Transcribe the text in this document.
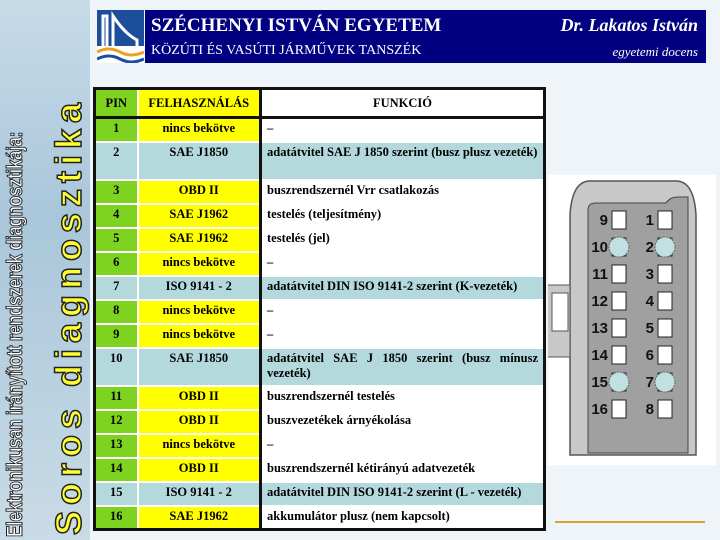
Elektronikusan irányított rendszerek diagnosztikája: Soros diagnosztika
SZÉCHENYI ISTVÁN EGYETEM
KÖZÚTI ÉS VASÚTI JÁRMŰVEK TANSZÉK
Dr. Lakatos István
egyetemi docens
PIN	FELHASZNÁLÁS	FUNKCIÓ
1	nincs bekötve	–
2	SAE J1850	adatátvitel SAE J 1850 szerint (busz plusz vezeték)
3	OBD II	buszrendszernél Vrr csatlakozás
4	SAE J1962	testelés (teljesítmény)
5	SAE J1962	testelés (jel)
6	nincs bekötve	–
7	ISO 9141 - 2	adatátvitel DIN ISO 9141-2 szerint (K-vezeték)
8	nincs bekötve	–
9	nincs bekötve	–
10	SAE J1850	adatátvitel SAE J 1850 szerint (busz mínusz vezeték)
11	OBD II	buszrendszernél testelés
12	OBD II	buszvezetékek árnyékolása
13	nincs bekötve	–
14	OBD II	buszrendszernél kétirányú adatvezeték
15	ISO 9141 - 2	adatátvitel DIN ISO 9141-2 szerint (L - vezeték)
16	SAE J1962	akkumulátor plusz (nem kapcsolt)
9
10
11
12
13
14
15
16
1
2
3
4
5
6
7
8
